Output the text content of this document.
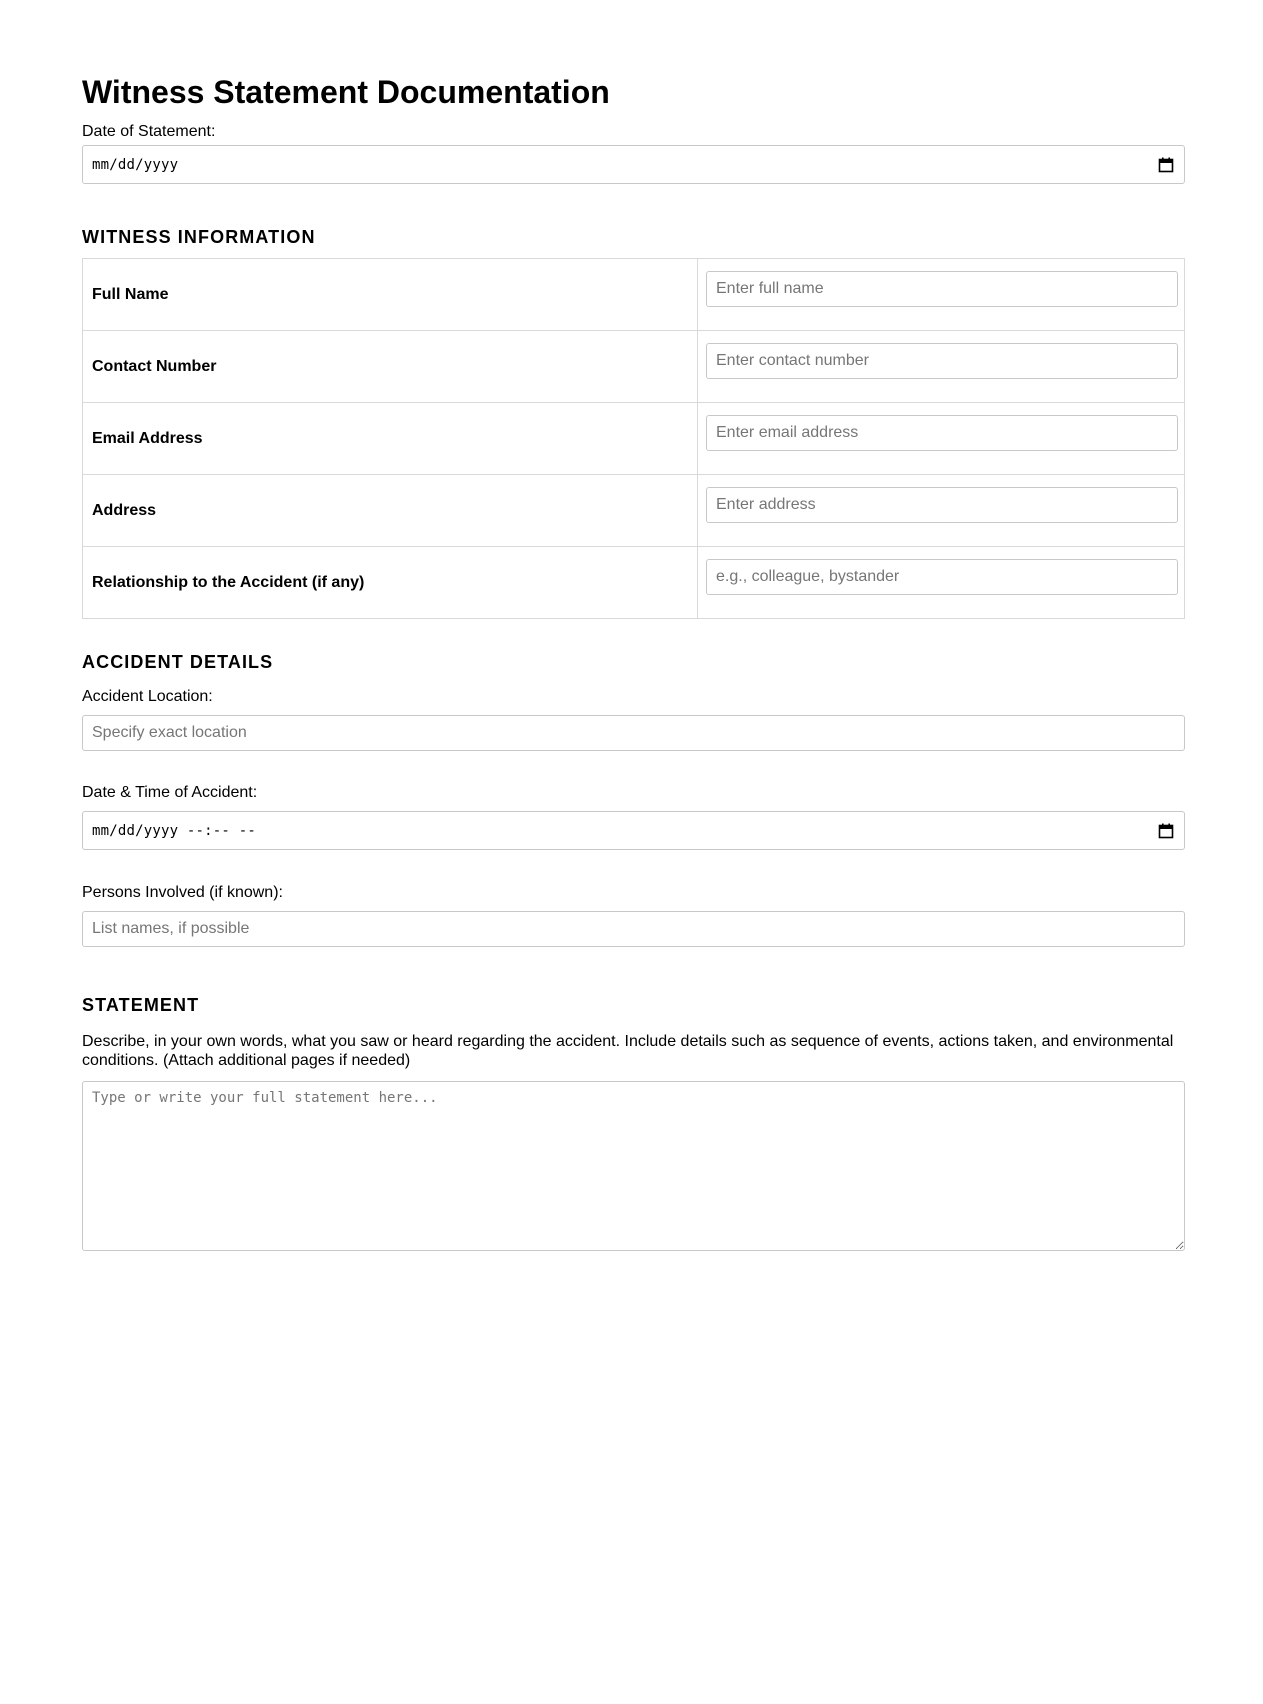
Witness Statement Documentation
Date of Statement:
mm/dd/yyyy
WITNESS INFORMATION
Full Name	
Enter full name
Contact Number	
Enter contact number
Email Address	
Enter email address
Address	
Enter address
Relationship to the Accident (if any)	
e.g., colleague, bystander
ACCIDENT DETAILS
Accident Location:
Specify exact location
Date & Time of Accident:
mm/dd/yyyy --:-- --
Persons Involved (if known):
List names, if possible
STATEMENT

Describe, in your own words, what you saw or heard regarding the accident. Include details such as sequence of events, actions taken, and environmental conditions. (Attach additional pages if needed)

Type or write your full statement here...
